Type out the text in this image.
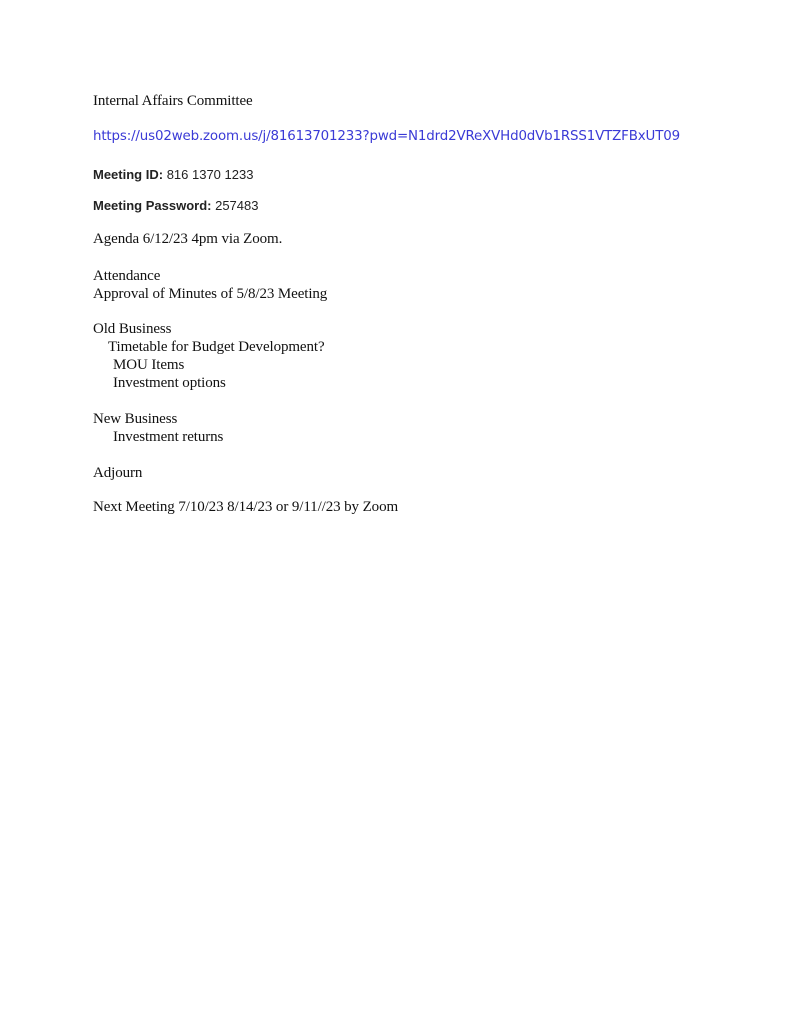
Internal Affairs Committee
https://us02web.zoom.us/j/81613701233?pwd=N1drd2VReXVHd0dVb1RSS1VTZFBxUT09
Meeting ID: 816 1370 1233
Meeting Password: 257483
Agenda 6/12/23 4pm via Zoom.
Attendance
Approval of Minutes of 5/8/23 Meeting
Old Business
Timetable for Budget Development?
MOU Items
Investment options
New Business
Investment returns
Adjourn
Next Meeting 7/10/23 8/14/23 or 9/11//23 by Zoom
